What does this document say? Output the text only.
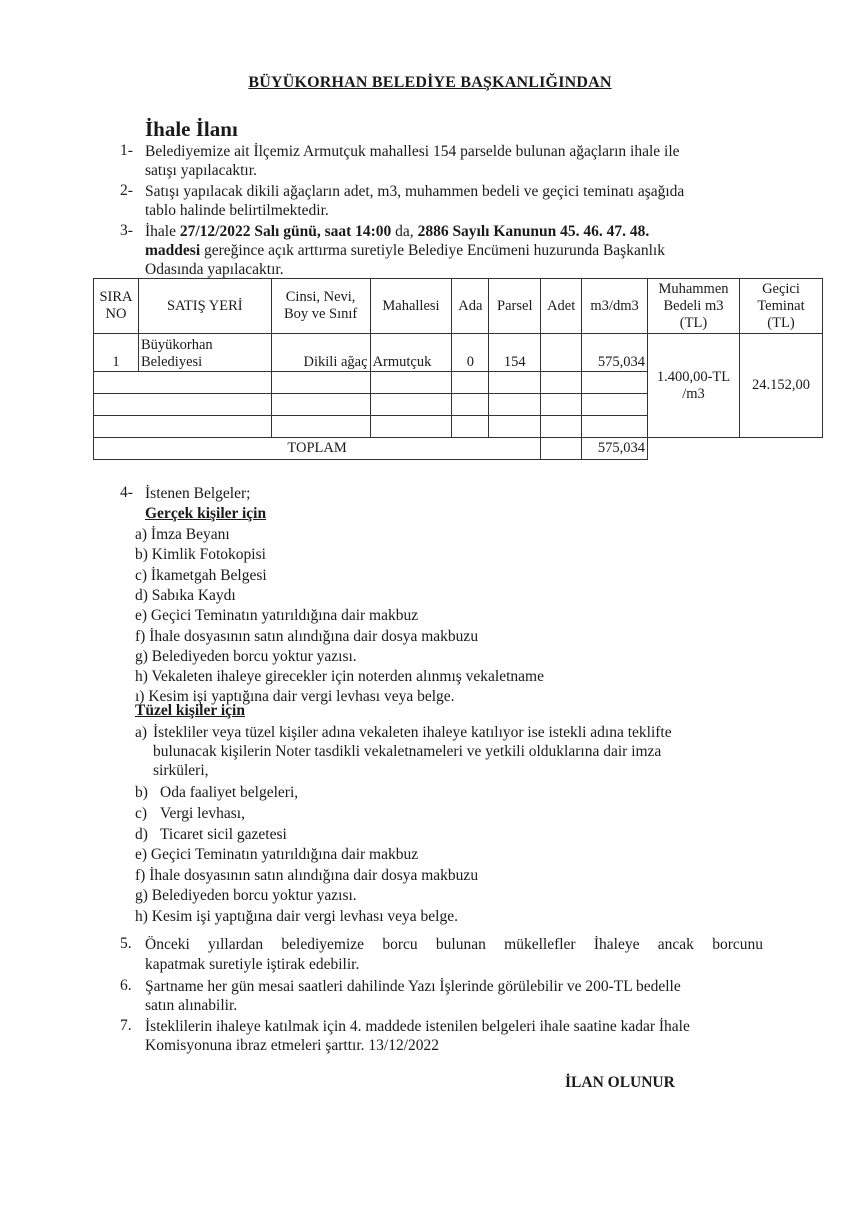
BÜYÜKORHAN BELEDİYE BAŞKANLIĞINDAN
İhale İlanı
1- Belediyemize ait İlçemiz Armutçuk mahallesi 154 parselde bulunan ağaçların ihale ile
satışı yapılacaktır.
2- Satışı yapılacak dikili ağaçların adet, m3, muhammen bedeli ve geçici teminatı aşağıda
tablo halinde belirtilmektedir.
3- İhale 27/12/2022 Salı günü, saat 14:00 da, 2886 Sayılı Kanunun 45. 46. 47. 48.
maddesi gereğince açık arttırma suretiyle Belediye Encümeni huzurunda Başkanlık
Odasında yapılacaktır.
SIRA NO	SATIŞ YERİ	Cinsi, Nevi, Boy ve Sınıf	Mahallesi	Ada	Parsel	Adet	m3/dm3	Muhammen Bedeli m3 (TL)	Geçici Teminat (TL)
1	Büyükorhan Belediyesi	Dikili ağaç	Armutçuk	0	154		575,034	1.400,00-TL /m3	24.152,00

TOPLAM							575,034		
4- İstenen Belgeler;
Gerçek kişiler için
a) İmza Beyanı
b) Kimlik Fotokopisi
c) İkametgah Belgesi
d) Sabıka Kaydı
e) Geçici Teminatın yatırıldığına dair makbuz
f) İhale dosyasının satın alındığına dair dosya makbuzu
g) Belediyeden borcu yoktur yazısı.
h) Vekaleten ihaleye girecekler için noterden alınmış vekaletname
ı) Kesim işi yaptığına dair vergi levhası veya belge.
Tüzel kişiler için
a) İstekliler veya tüzel kişiler adına vekaleten ihaleye katılıyor ise istekli adına teklifte
bulunacak kişilerin Noter tasdikli vekaletnameleri ve yetkili olduklarına dair imza
sirküleri,
b) Oda faaliyet belgeleri,
c) Vergi levhası,
d) Ticaret sicil gazetesi
e) Geçici Teminatın yatırıldığına dair makbuz
f) İhale dosyasının satın alındığına dair dosya makbuzu
g) Belediyeden borcu yoktur yazısı.
h) Kesim işi yaptığına dair vergi levhası veya belge.
5. Önceki yıllardan belediyemize borcu bulunan mükellefler İhaleye ancak borcunu
kapatmak suretiyle iştirak edebilir.
6. Şartname her gün mesai saatleri dahilinde Yazı İşlerinde görülebilir ve 200-TL bedelle
satın alınabilir.
7. İsteklilerin ihaleye katılmak için 4. maddede istenilen belgeleri ihale saatine kadar İhale
Komisyonuna ibraz etmeleri şarttır. 13/12/2022
İLAN OLUNUR
